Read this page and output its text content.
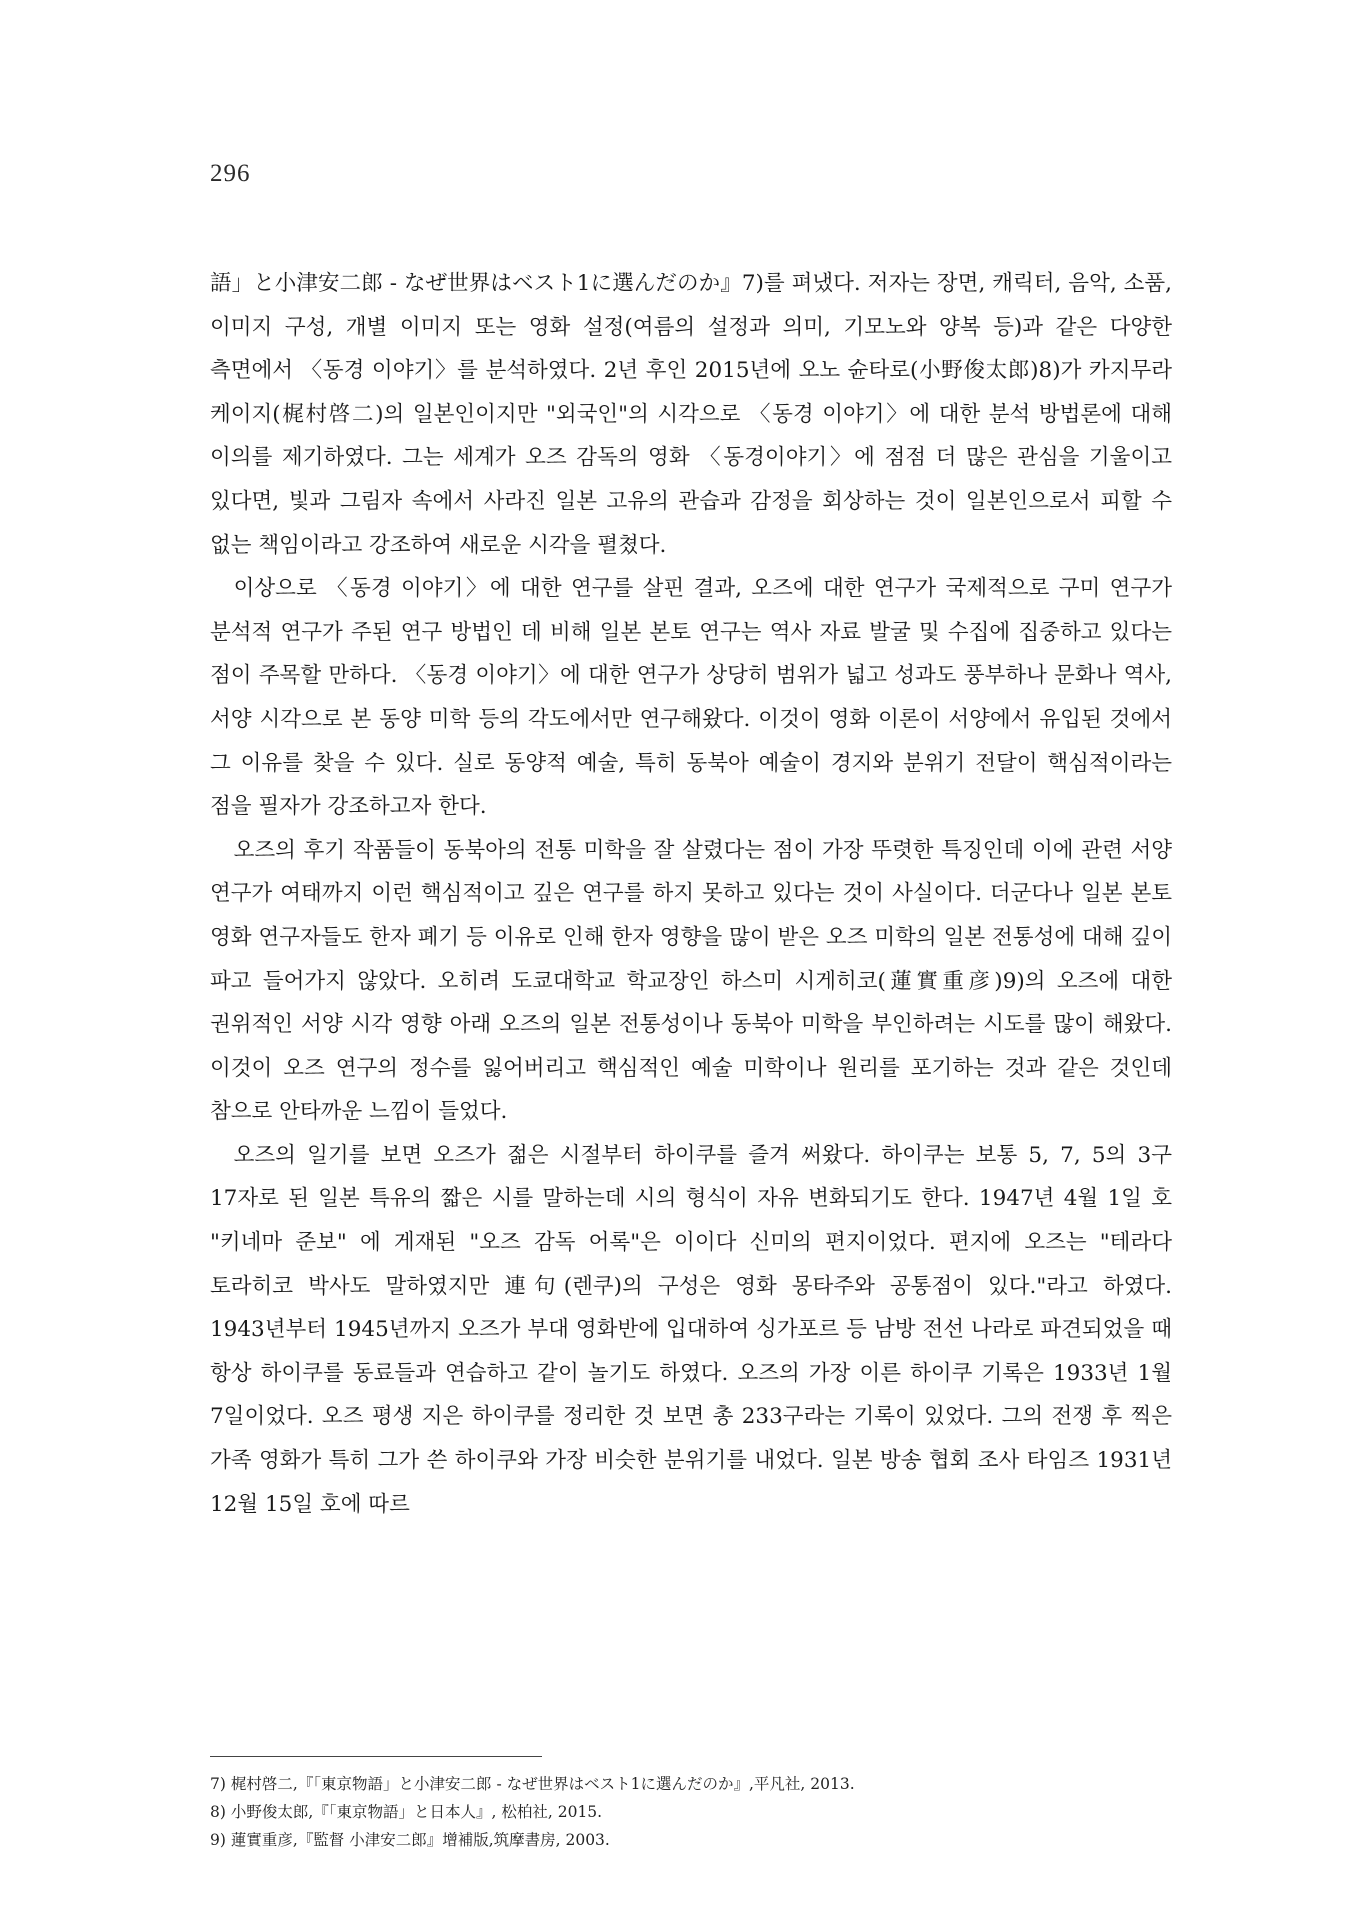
296

語」と小津安二郎 - なぜ世界はベスト1に選んだのか』7)를 펴냈다. 저자는 장면, 캐릭터, 음악, 소품, 이미지 구성, 개별 이미지 또는 영화 설정(여름의 설정과 의미, 기모노와 양복 등)과 같은 다양한 측면에서 〈동경 이야기〉를 분석하였다. 2년 후인 2015년에 오노 슌타로(小野俊太郎)8)가 카지무라 케이지(梶村啓二)의 일본인이지만 "외국인"의 시각으로 〈동경 이야기〉에 대한 분석 방법론에 대해 이의를 제기하였다. 그는 세계가 오즈 감독의 영화 〈동경이야기〉에 점점 더 많은 관심을 기울이고 있다면, 빛과 그림자 속에서 사라진 일본 고유의 관습과 감정을 회상하는 것이 일본인으로서 피할 수 없는 책임이라고 강조하여 새로운 시각을 펼쳤다.

이상으로 〈동경 이야기〉에 대한 연구를 살핀 결과, 오즈에 대한 연구가 국제적으로 구미 연구가 분석적 연구가 주된 연구 방법인 데 비해 일본 본토 연구는 역사 자료 발굴 및 수집에 집중하고 있다는 점이 주목할 만하다. 〈동경 이야기〉에 대한 연구가 상당히 범위가 넓고 성과도 풍부하나 문화나 역사, 서양 시각으로 본 동양 미학 등의 각도에서만 연구해왔다. 이것이 영화 이론이 서양에서 유입된 것에서 그 이유를 찾을 수 있다. 실로 동양적 예술, 특히 동북아 예술이 경지와 분위기 전달이 핵심적이라는 점을 필자가 강조하고자 한다.

오즈의 후기 작품들이 동북아의 전통 미학을 잘 살렸다는 점이 가장 뚜렷한 특징인데 이에 관련 서양 연구가 여태까지 이런 핵심적이고 깊은 연구를 하지 못하고 있다는 것이 사실이다. 더군다나 일본 본토 영화 연구자들도 한자 폐기 등 이유로 인해 한자 영향을 많이 받은 오즈 미학의 일본 전통성에 대해 깊이 파고 들어가지 않았다. 오히려 도쿄대학교 학교장인 하스미 시게히코(蓮實重彦)9)의 오즈에 대한 권위적인 서양 시각 영향 아래 오즈의 일본 전통성이나 동북아 미학을 부인하려는 시도를 많이 해왔다. 이것이 오즈 연구의 정수를 잃어버리고 핵심적인 예술 미학이나 원리를 포기하는 것과 같은 것인데 참으로 안타까운 느낌이 들었다.

오즈의 일기를 보면 오즈가 젊은 시절부터 하이쿠를 즐겨 써왔다. 하이쿠는 보통 5, 7, 5의 3구 17자로 된 일본 특유의 짧은 시를 말하는데 시의 형식이 자유 변화되기도 한다. 1947년 4월 1일 호 "키네마 준보" 에 게재된 "오즈 감독 어록"은 이이다 신미의 편지이었다. 편지에 오즈는 "테라다 토라히코 박사도 말하였지만 連句(렌쿠)의 구성은 영화 몽타주와 공통점이 있다."라고 하였다. 1943년부터 1945년까지 오즈가 부대 영화반에 입대하여 싱가포르 등 남방 전선 나라로 파견되었을 때 항상 하이쿠를 동료들과 연습하고 같이 놀기도 하였다. 오즈의 가장 이른 하이쿠 기록은 1933년 1월 7일이었다. 오즈 평생 지은 하이쿠를 정리한 것 보면 총 233구라는 기록이 있었다. 그의 전쟁 후 찍은 가족 영화가 특히 그가 쓴 하이쿠와 가장 비슷한 분위기를 내었다. 일본 방송 협회 조사 타임즈 1931년 12월 15일 호에 따르

7) 梶村啓二,『「東京物語」と小津安二郎 - なぜ世界はベスト1に選んだのか』,平凡社, 2013.

8) 小野俊太郎,『「東京物語」と日本人』, 松柏社, 2015.

9) 蓮實重彦,『監督 小津安二郎』增補版,筑摩書房, 2003.
